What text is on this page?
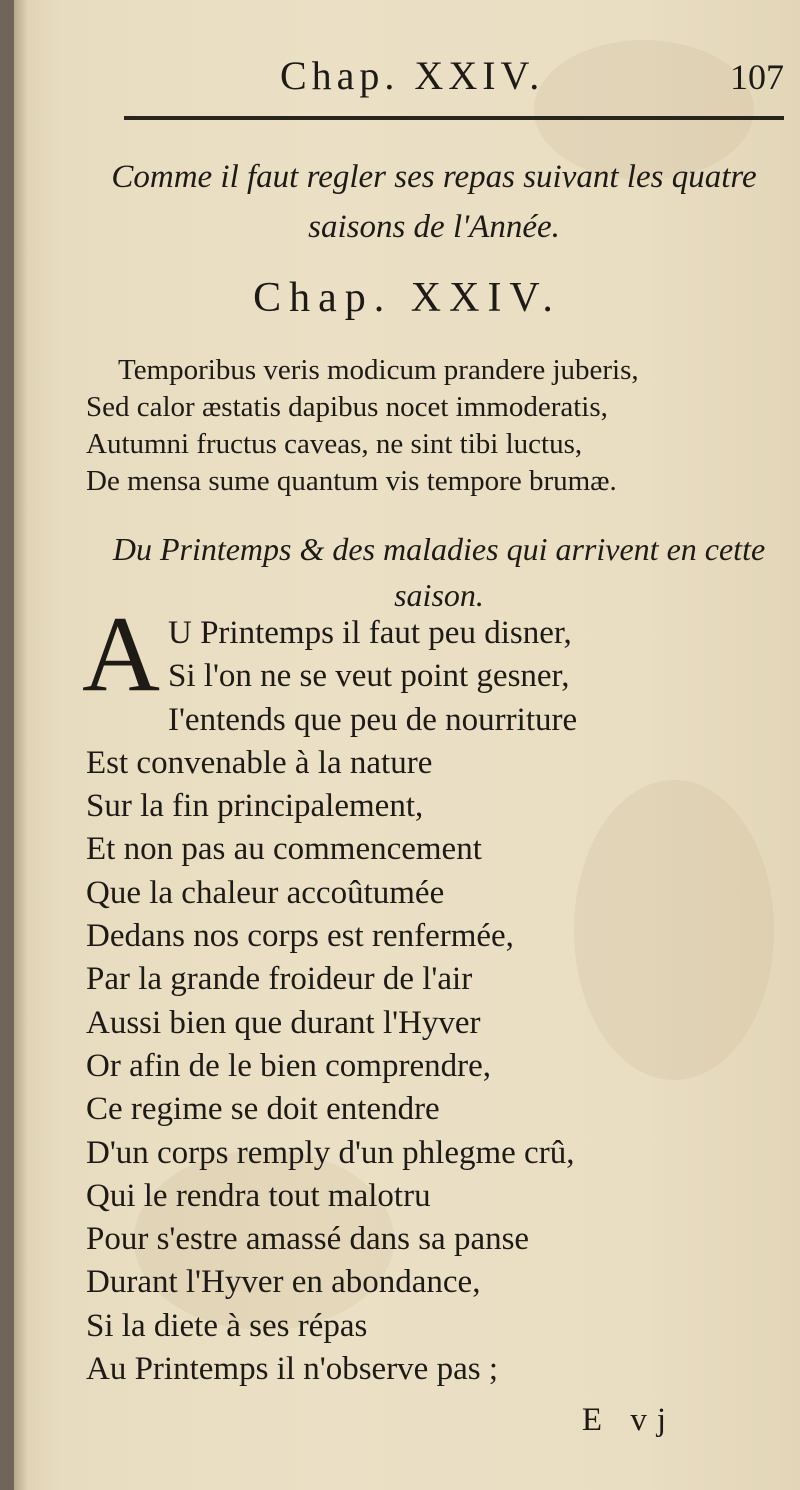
Chap. XXIV.	107
Comme il faut regler ses repas suivant les quatre saisons de l'Année.
Chap. XXIV.
Temporibus veris modicum prandere juberis,
Sed calor æstatis dapibus nocet immoderatis,
Autumni fructus caveas, ne sint tibi luctus,
De mensa sume quantum vis tempore brumæ.
Du Printemps & des maladies qui arrivent en cette saison.
A U Printemps il faut peu disner,
Si l'on ne se veut point gesner,
I'entends que peu de nourriture
Est convenable à la nature
Sur la fin principalement,
Et non pas au commencement
Que la chaleur accoûtumée
Dedans nos corps est renfermée,
Par la grande froideur de l'air
Aussi bien que durant l'Hyver
Or afin de le bien comprendre,
Ce regime se doit entendre
D'un corps remply d'un phlegme crû,
Qui le rendra tout malotru
Pour s'estre amassé dans sa panse
Durant l'Hyver en abondance,
Si la diete à ses répas
Au Printemps il n'observe pas ;
E vj
